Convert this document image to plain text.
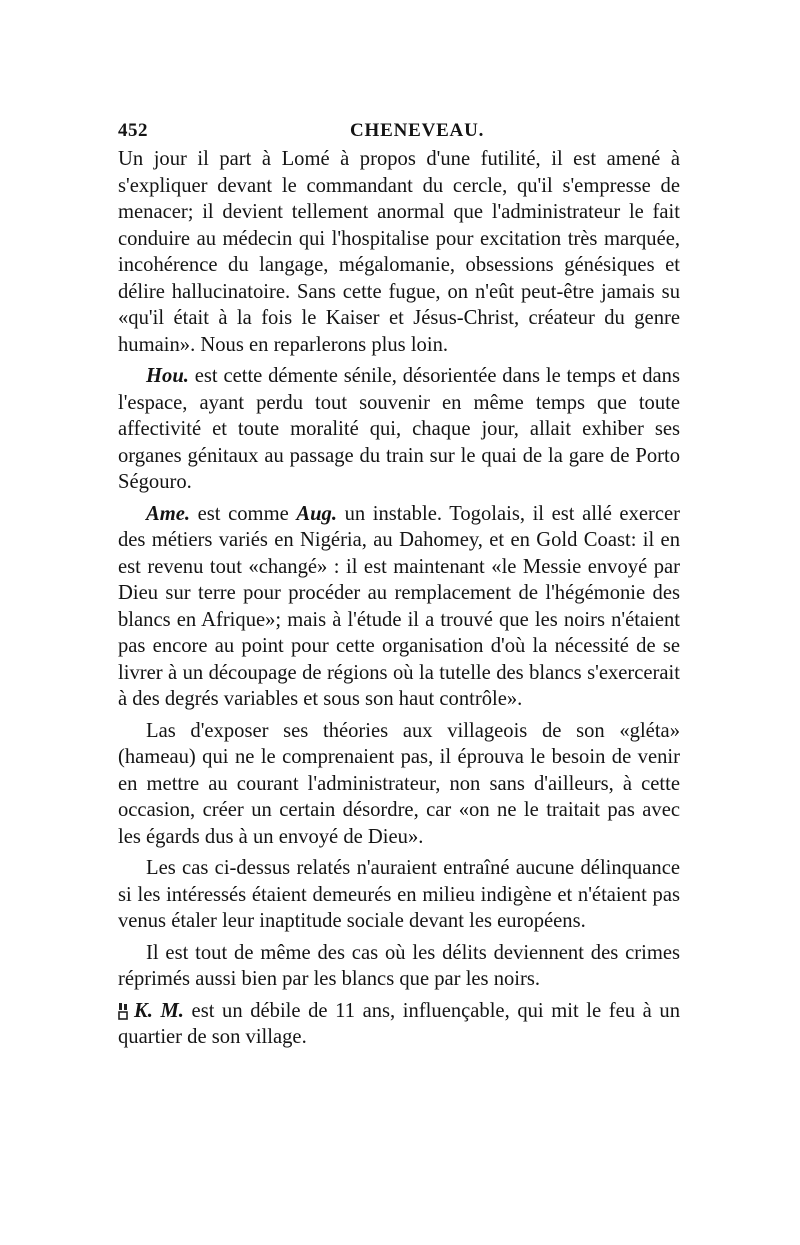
452	CHENEVEAU.

Un jour il part à Lomé à propos d'une futilité, il est amené à s'expliquer devant le commandant du cercle, qu'il s'empresse de menacer; il devient tellement anormal que l'administrateur le fait conduire au médecin qui l'hospitalise pour excitation très marquée, incohérence du langage, mégalomanie, obsessions génésiques et délire hallucinatoire. Sans cette fugue, on n'eût peut-être jamais su «qu'il était à la fois le Kaiser et Jésus-Christ, créateur du genre humain». Nous en reparlerons plus loin.

Hou. est cette démente sénile, désorientée dans le temps et dans l'espace, ayant perdu tout souvenir en même temps que toute affectivité et toute moralité qui, chaque jour, allait exhiber ses organes génitaux au passage du train sur le quai de la gare de Porto Ségouro.

Ame. est comme Aug. un instable. Togolais, il est allé exercer des métiers variés en Nigéria, au Dahomey, et en Gold Coast: il en est revenu tout «changé» : il est maintenant «le Messie envoyé par Dieu sur terre pour procéder au remplacement de l'hégémonie des blancs en Afrique»; mais à l'étude il a trouvé que les noirs n'étaient pas encore au point pour cette organisation d'où la nécessité de se livrer à un découpage de régions où la tutelle des blancs s'exercerait à des degrés variables et sous son haut contrôle».

Las d'exposer ses théories aux villageois de son «gléta» (hameau) qui ne le comprenaient pas, il éprouva le besoin de venir en mettre au courant l'administrateur, non sans d'ailleurs, à cette occasion, créer un certain désordre, car «on ne le traitait pas avec les égards dus à un envoyé de Dieu».

Les cas ci-dessus relatés n'auraient entraîné aucune délinquance si les intéressés étaient demeurés en milieu indigène et n'étaient pas venus étaler leur inaptitude sociale devant les européens.

Il est tout de même des cas où les délits deviennent des crimes réprimés aussi bien par les blancs que par les noirs.

K. M. est un débile de 11 ans, influençable, qui mit le feu à un quartier de son village.
